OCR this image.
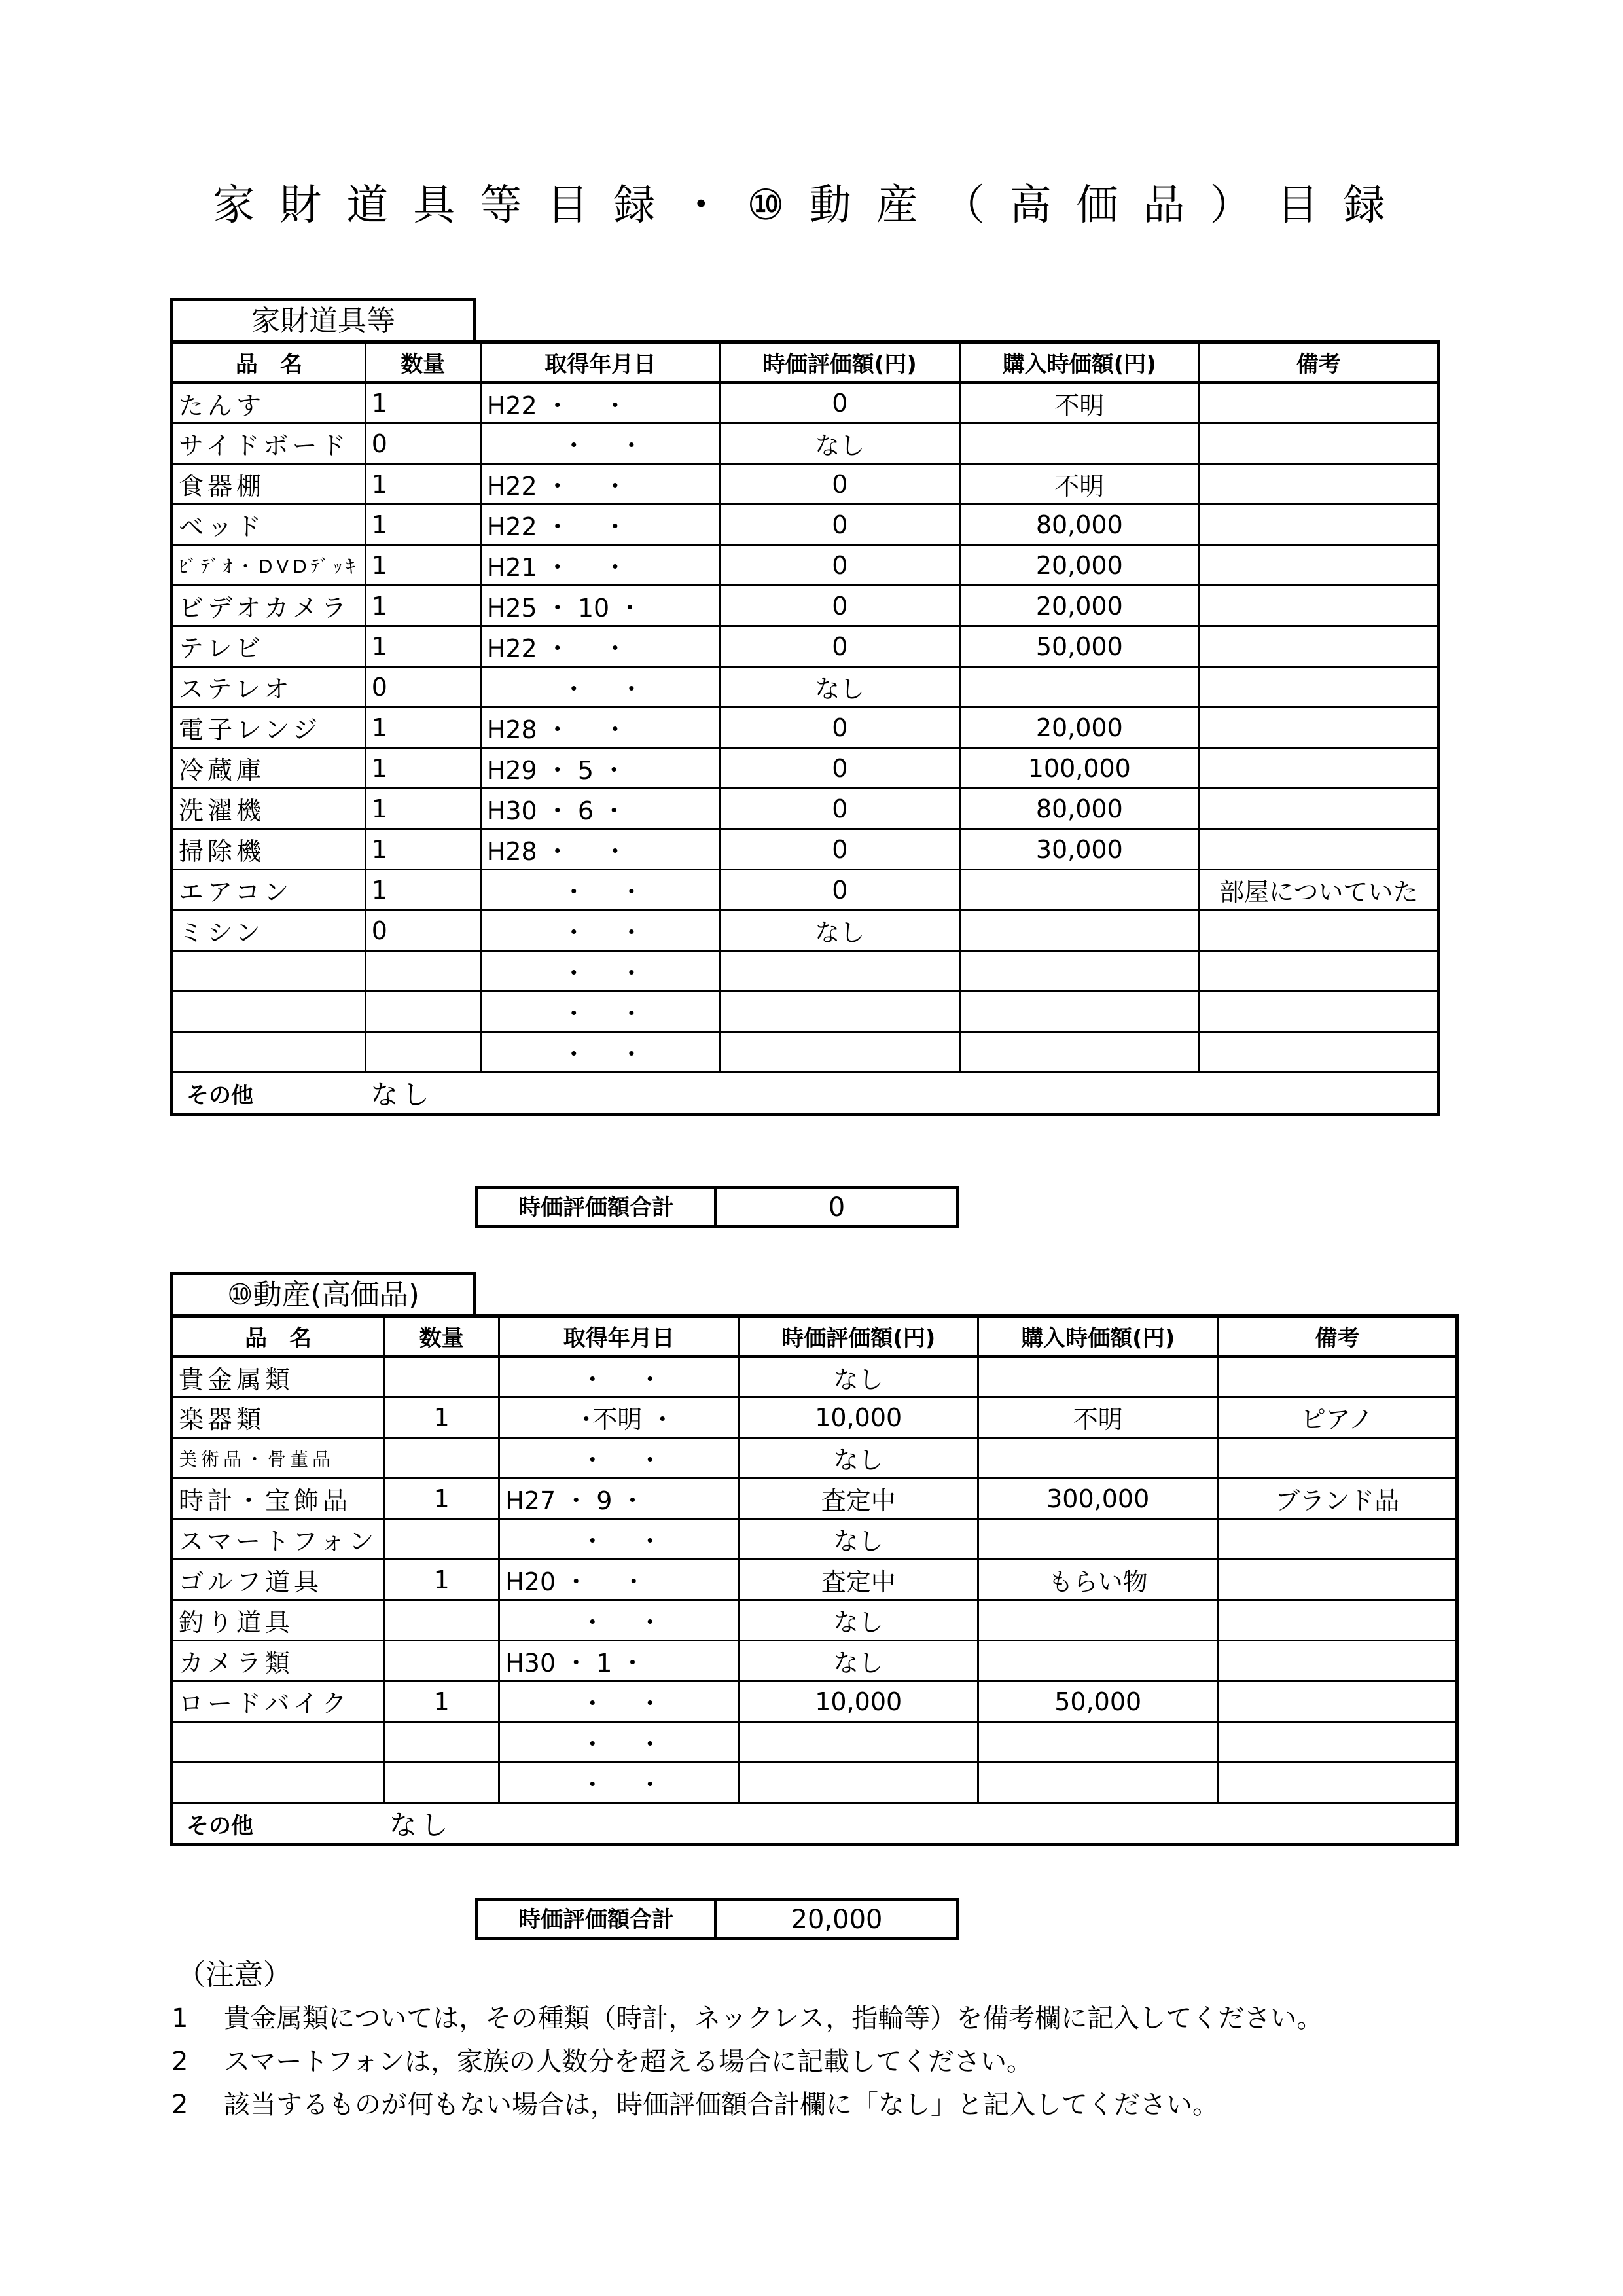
家財道具等目録・⑩動産（高価品）目録
家財道具等
品　名	数量	取得年月日	時価評価額(円)	購入時価額(円)	備考
たんす	1	H22 ・　 ・	0	不明	
サイドボード	0	　　　・　 ・	なし		
食器棚	1	H22 ・　 ・	0	不明	
ベッド	1	H22 ・　 ・	0	80,000	
ﾋﾞﾃﾞｵ・DVDﾃﾞｯｷ	1	H21 ・　 ・	0	20,000	
ビデオカメラ	1	H25 ・ 10 ・	0	20,000	
テレビ	1	H22 ・　 ・	0	50,000	
ステレオ	0	　　　・　 ・	なし		
電子レンジ	1	H28 ・　 ・	0	20,000	
冷蔵庫	1	H29 ・ 5 ・	0	100,000	
洗濯機	1	H30 ・ 6 ・	0	80,000	
掃除機	1	H28 ・　 ・	0	30,000	
エアコン	1	　　　・　 ・	0		部屋についていた
ミシン	0	　　　・　 ・	なし		
		　　　・　 ・			
		　　　・　 ・			
		　　　・　 ・			
その他	なし				
時価評価額合計	0
⑩動産(高価品)
品　名	数量	取得年月日	時価評価額(円)	購入時価額(円)	備考
貴金属類		　　　・　 ・	なし		
楽器類	1	　　　･不明 ・	10,000	不明	ピアノ
美術品・骨董品		　　　・　 ・	なし		
時計・宝飾品	1	H27 ・ 9 ・	査定中	300,000	ブランド品
スマートフォン		　　　・　 ・	なし		
ゴルフ道具	1	H20 ・　 ・	査定中	もらい物	
釣り道具		　　　・　 ・	なし		
カメラ類		H30 ・ 1 ・	なし		
ロードバイク	1	　　　・　 ・	10,000	50,000	
		　　　・　 ・			
		　　　・　 ・			
その他	なし				
時価評価額合計	20,000
（注意）
1 貴金属類については，その種類（時計，ネックレス，指輪等）を備考欄に記入してください。
2 スマートフォンは，家族の人数分を超える場合に記載してください。
2 該当するものが何もない場合は，時価評価額合計欄に「なし」と記入してください。
